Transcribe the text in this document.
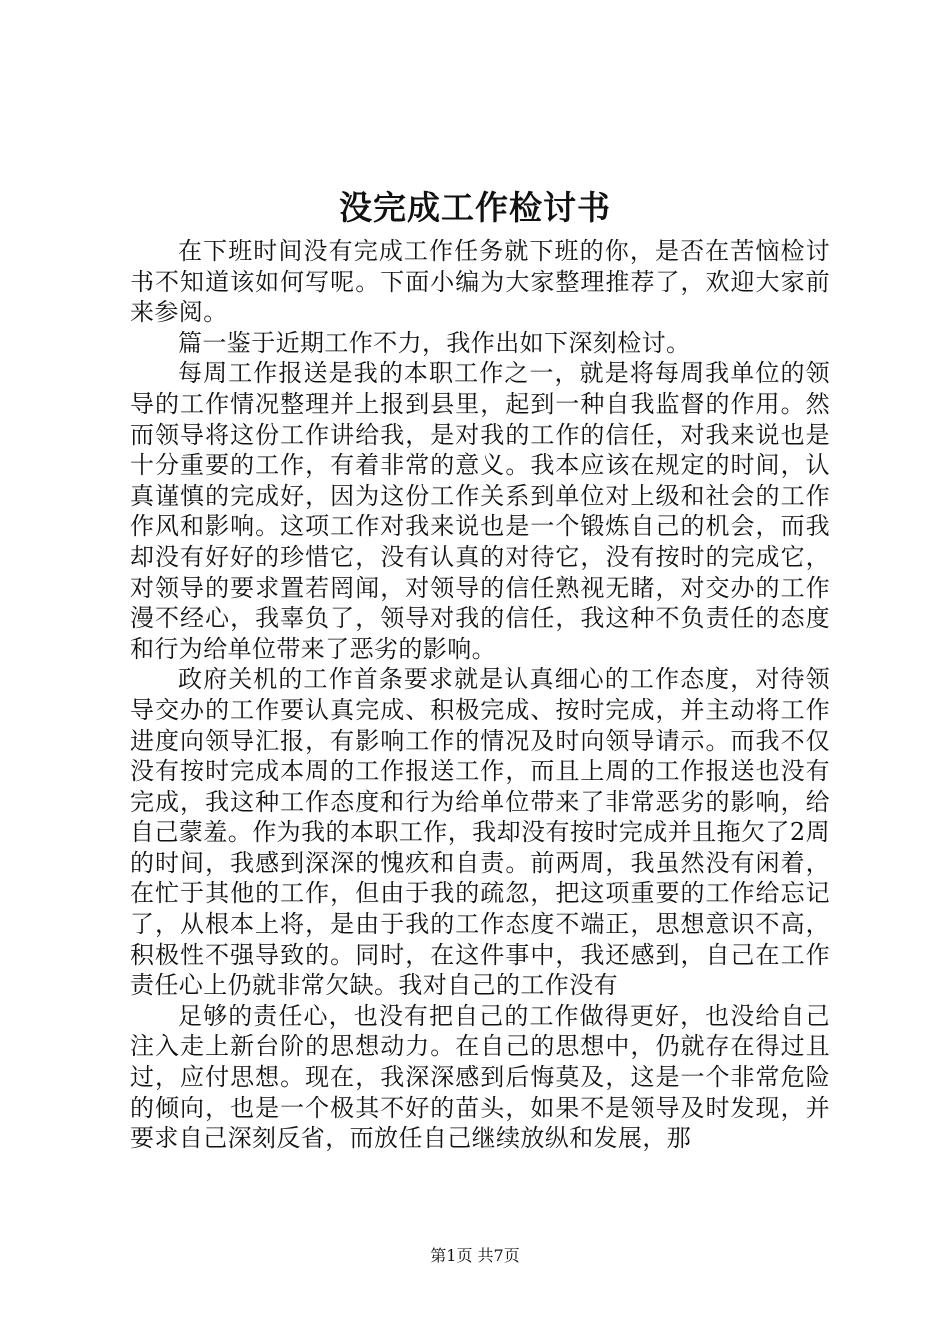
没完成工作检讨书

在下班时间没有完成工作任务就下班的你，是否在苦恼检讨书不知道该如何写呢。下面小编为大家整理推荐了，欢迎大家前来参阅。

篇一鉴于近期工作不力，我作出如下深刻检讨。

每周工作报送是我的本职工作之一，就是将每周我单位的领导的工作情况整理并上报到县里，起到一种自我监督的作用。然而领导将这份工作讲给我，是对我的工作的信任，对我来说也是十分重要的工作，有着非常的意义。我本应该在规定的时间，认真谨慎的完成好，因为这份工作关系到单位对上级和社会的工作作风和影响。这项工作对我来说也是一个锻炼自己的机会，而我却没有好好的珍惜它，没有认真的对待它，没有按时的完成它，对领导的要求置若罔闻，对领导的信任熟视无睹，对交办的工作漫不经心，我辜负了，领导对我的信任，我这种不负责任的态度和行为给单位带来了恶劣的影响。

政府关机的工作首条要求就是认真细心的工作态度，对待领导交办的工作要认真完成、积极完成、按时完成，并主动将工作进度向领导汇报，有影响工作的情况及时向领导请示。而我不仅没有按时完成本周的工作报送工作，而且上周的工作报送也没有完成，我这种工作态度和行为给单位带来了非常恶劣的影响，给自己蒙羞。作为我的本职工作，我却没有按时完成并且拖欠了2周的时间，我感到深深的愧疚和自责。前两周，我虽然没有闲着，在忙于其他的工作，但由于我的疏忽，把这项重要的工作给忘记了，从根本上将，是由于我的工作态度不端正，思想意识不高，积极性不强导致的。同时，在这件事中，我还感到，自己在工作责任心上仍就非常欠缺。我对自己的工作没有

足够的责任心，也没有把自己的工作做得更好，也没给自己注入走上新台阶的思想动力。在自己的思想中，仍就存在得过且过，应付思想。现在，我深深感到后悔莫及，这是一个非常危险的倾向，也是一个极其不好的苗头，如果不是领导及时发现，并要求自己深刻反省，而放任自己继续放纵和发展，那

第1页 共7页
